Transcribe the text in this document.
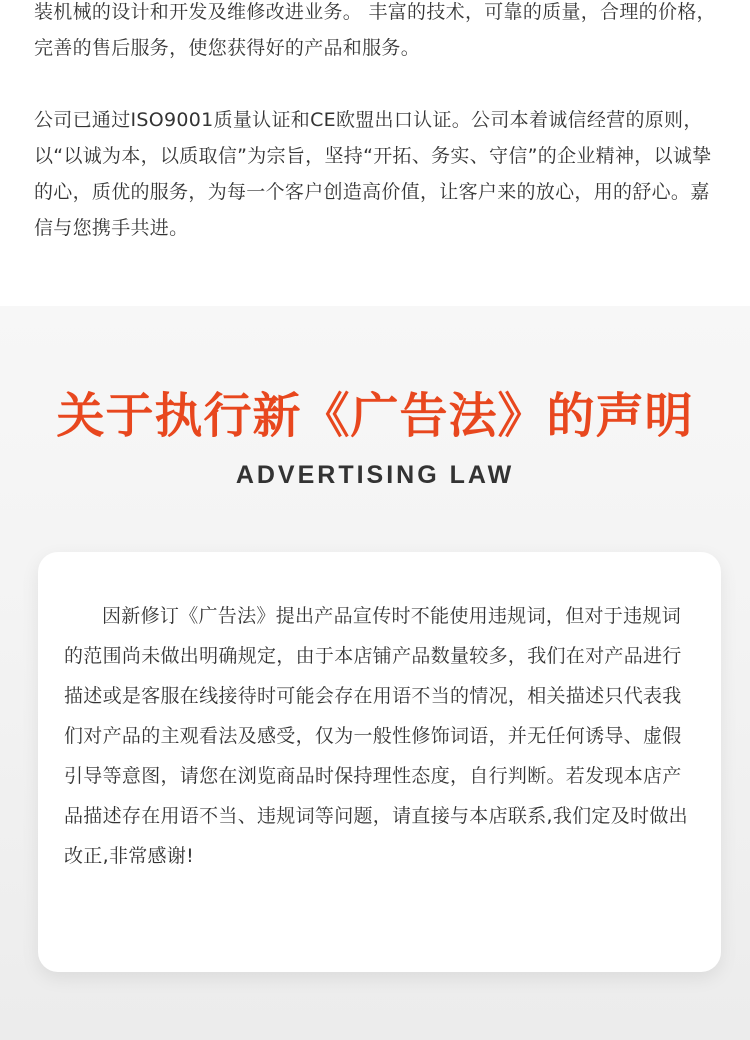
装机械的设计和开发及维修改进业务。 丰富的技术，可靠的质量，合理的价格，完善的售后服务，使您获得好的产品和服务。

公司已通过ISO9001质量认证和CE欧盟出口认证。公司本着诚信经营的原则，以“以诚为本，以质取信”为宗旨，坚持“开拓、务实、守信”的企业精神，以诚挚的心，质优的服务，为每一个客户创造高价值，让客户来的放心，用的舒心。嘉信与您携手共进。

关于执行新《广告法》的声明
ADVERTISING LAW

因新修订《广告法》提出产品宣传时不能使用违规词，但对于违规词的范围尚未做出明确规定，由于本店铺产品数量较多，我们在对产品进行描述或是客服在线接待时可能会存在用语不当的情况，相关描述只代表我们对产品的主观看法及感受，仅为一般性修饰词语，并无任何诱导、虚假引导等意图，请您在浏览商品时保持理性态度，自行判断。若发现本店产品描述存在用语不当、违规词等问题，请直接与本店联系,我们定及时做出改正,非常感谢!
